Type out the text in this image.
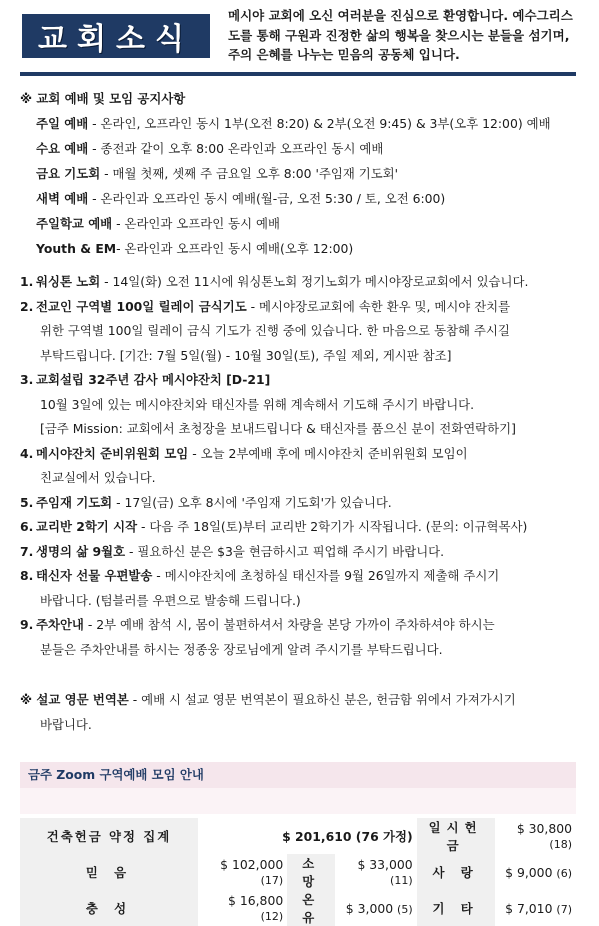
교회소식
메시야 교회에 오신 여러분을 진심으로 환영합니다. 예수그리스도를 통해 구원과 진정한 삶의 행복을 찾으시는 분들을 섬기며, 주의 은혜를 나누는 믿음의 공동체 입니다.
※ 교회 예배 및 모임 공지사항
주일 예배 - 온라인, 오프라인 동시 1부(오전 8:20) & 2부(오전 9:45) & 3부(오후 12:00) 예배
수요 예배 - 종전과 같이 오후 8:00 온라인과 오프라인 동시 예배
금요 기도회 - 매월 첫째, 셋째 주 금요일 오후 8:00 '주임재 기도회'
새벽 예배 - 온라인과 오프라인 동시 예배(월-금, 오전 5:30 / 토, 오전 6:00)
주일학교 예배 - 온라인과 오프라인 동시 예배
Youth & EM- 온라인과 오프라인 동시 예배(오후 12:00)
1. 워싱톤 노회 - 14일(화) 오전 11시에 워싱톤노회 정기노회가 메시야장로교회에서 있습니다.
2. 전교인 구역별 100일 릴레이 금식기도 - 메시야장로교회에 속한 환우 및, 메시야 잔치를
위한 구역별 100일 릴레이 금식 기도가 진행 중에 있습니다. 한 마음으로 동참해 주시길
부탁드립니다. [기간: 7월 5일(월) - 10월 30일(토), 주일 제외, 게시판 참조]
3. 교회설립 32주년 감사 메시야잔치 [D-21]
10월 3일에 있는 메시야잔치와 태신자를 위해 계속해서 기도해 주시기 바랍니다.
[금주 Mission: 교회에서 초청장을 보내드립니다 & 태신자를 품으신 분이 전화연락하기]
4. 메시야잔치 준비위원회 모임 - 오늘 2부예배 후에 메시야잔치 준비위원회 모임이
친교실에서 있습니다.
5. 주임재 기도회 - 17일(금) 오후 8시에 '주임재 기도회'가 있습니다.
6. 교리반 2학기 시작 - 다음 주 18일(토)부터 교리반 2학기가 시작됩니다. (문의: 이규혁목사)
7. 생명의 삶 9월호 - 필요하신 분은 $3을 현금하시고 픽업해 주시기 바랍니다.
8. 태신자 선물 우편발송 - 메시야잔치에 초청하실 태신자를 9월 26일까지 제출해 주시기
바랍니다. (텀블러를 우편으로 발송해 드립니다.)
9. 주차안내 - 2부 예배 참석 시, 몸이 불편하셔서 차량을 본당 가까이 주차하셔야 하시는
분들은 주차안내를 하시는 정종웅 장로님에게 알려 주시기를 부탁드립니다.
※ 설교 영문 번역본 - 예배 시 설교 영문 번역본이 필요하신 분은, 헌금함 위에서 가져가시기
바랍니다.
금주 Zoom 구역예배 모임 안내
건축헌금 약정 집계	$ 201,610 (76 가정)			일시헌금	$ 30,800 (18)
믿 음	$ 102,000 (17)	소 망	$ 33,000 (11)	사 랑	$ 9,000 (6)
충 성	$ 16,800 (12)	온 유	$ 3,000 (5)	기 타	$ 7,010 (7)
